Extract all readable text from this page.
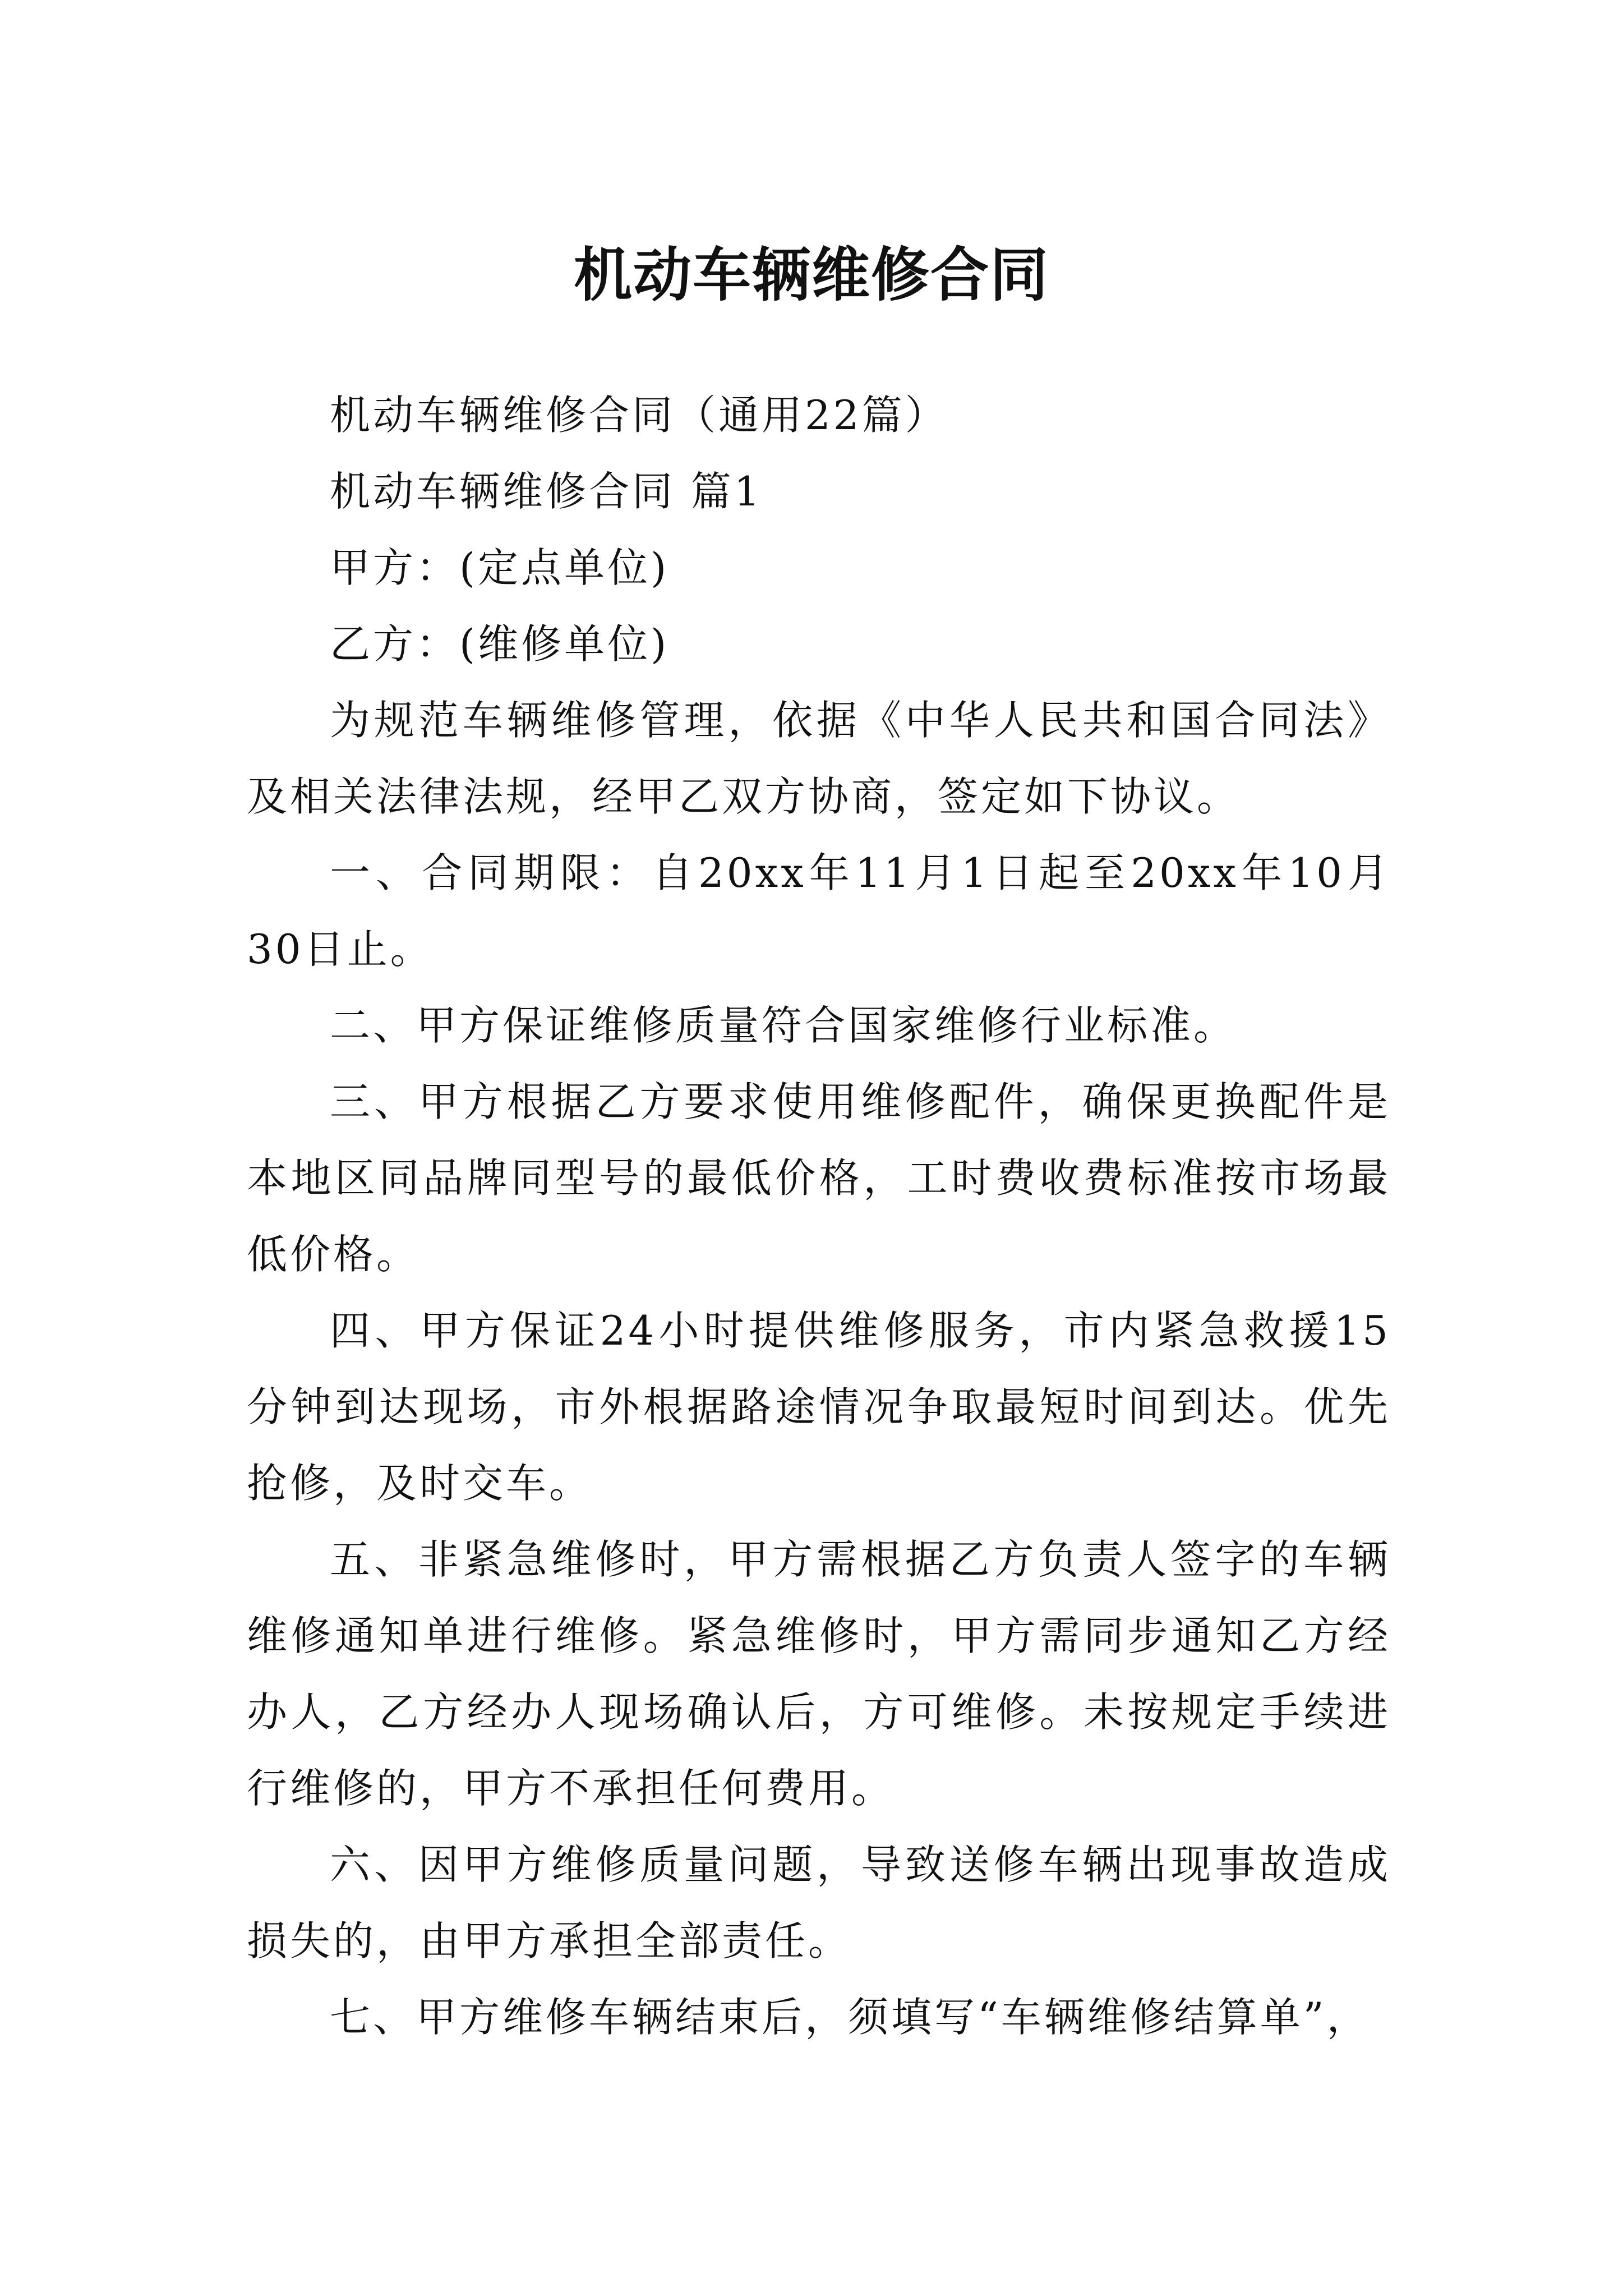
机动车辆维修合同

机动车辆维修合同（通用22篇）

机动车辆维修合同 篇1

甲方：(定点单位)

乙方：(维修单位)

为规范车辆维修管理，依据《中华人民共和国合同法》及相关法律法规，经甲乙双方协商，签定如下协议。

一、合同期限：自20xx年11月1日起至20xx年10月30日止。

二、甲方保证维修质量符合国家维修行业标准。

三、甲方根据乙方要求使用维修配件，确保更换配件是本地区同品牌同型号的最低价格，工时费收费标准按市场最低价格。

四、甲方保证24小时提供维修服务，市内紧急救援15分钟到达现场，市外根据路途情况争取最短时间到达。优先抢修，及时交车。

五、非紧急维修时，甲方需根据乙方负责人签字的车辆维修通知单进行维修。紧急维修时，甲方需同步通知乙方经办人，乙方经办人现场确认后，方可维修。未按规定手续进行维修的，甲方不承担任何费用。

六、因甲方维修质量问题，导致送修车辆出现事故造成损失的，由甲方承担全部责任。

七、甲方维修车辆结束后，须填写“车辆维修结算单”，
